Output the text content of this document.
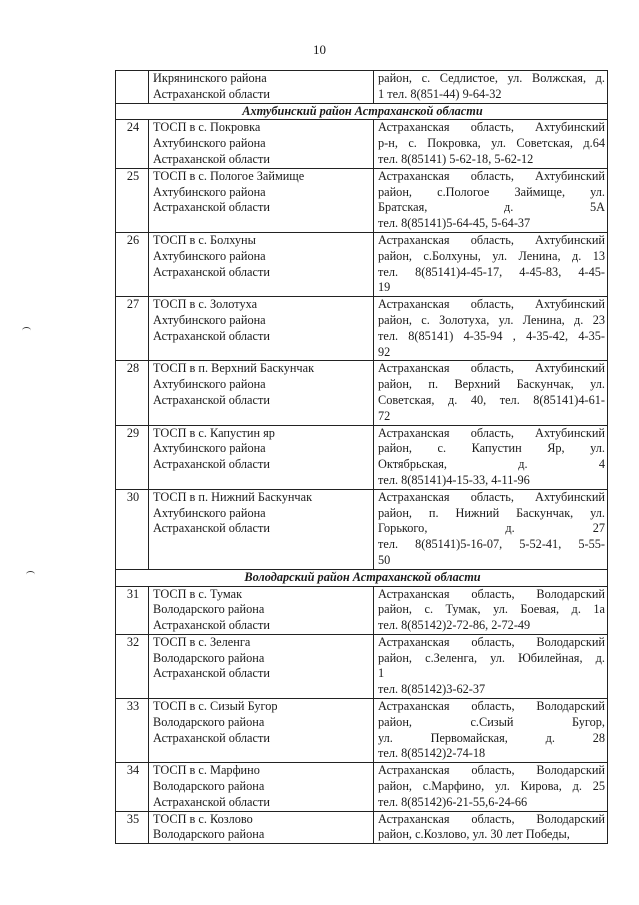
10

	Икрянинского района
Астраханской области	район, с. Седлистое, ул. Волжская, д.
1 тел. 8(851-44) 9-64-32

Ахтубинский район Астраханской области		
24	ТОСП в с. Покровка
Ахтубинского района
Астраханской области	Астраханская область, Ахтубинский
р-н, с. Покровка, ул. Советская, д.64
тел. 8(85141) 5-62-18, 5-62-12

25	ТОСП в с. Пологое Займище
Ахтубинского района
Астраханской области	Астраханская область, Ахтубинский
район, с.Пологое Займище, ул.
Братская, д. 5А
тел. 8(85141)5-64-45, 5-64-37

26	ТОСП в с. Болхуны
Ахтубинского района
Астраханской области	Астраханская область, Ахтубинский
район, с.Болхуны, ул. Ленина, д. 13
тел. 8(85141)4-45-17, 4-45-83, 4-45-
19

27	ТОСП в с. Золотуха
Ахтубинского района
Астраханской области	Астраханская область, Ахтубинский
район, с. Золотуха, ул. Ленина, д. 23
тел. 8(85141) 4-35-94 , 4-35-42, 4-35-
92

28	ТОСП в п. Верхний Баскунчак
Ахтубинского района
Астраханской области	Астраханская область, Ахтубинский
район, п. Верхний Баскунчак, ул.
Советская, д. 40, тел. 8(85141)4-61-
72

29	ТОСП в с. Капустин яр
Ахтубинского района
Астраханской области	Астраханская область, Ахтубинский
район, с. Капустин Яр, ул.
Октябрьская, д. 4
тел. 8(85141)4-15-33, 4-11-96

30	ТОСП в п. Нижний Баскунчак
Ахтубинского района
Астраханской области	Астраханская область, Ахтубинский
район, п. Нижний Баскунчак, ул.
Горького, д. 27
тел. 8(85141)5-16-07, 5-52-41, 5-55-
50

Володарский район Астраханской области		
31	ТОСП в с. Тумак
Володарского района
Астраханской области	Астраханская область, Володарский
район, с. Тумак, ул. Боевая, д. 1а
тел. 8(85142)2-72-86, 2-72-49

32	ТОСП в с. Зеленга
Володарского района
Астраханской области	Астраханская область, Володарский
район, с.Зеленга, ул. Юбилейная, д.
1
тел. 8(85142)3-62-37

33	ТОСП в с. Сизый Бугор
Володарского района
Астраханской области	Астраханская область, Володарский
район, с.Сизый Бугор,
ул. Первомайская, д. 28
тел. 8(85142)2-74-18

34	ТОСП в с. Марфино
Володарского района
Астраханской области	Астраханская область, Володарский
район, с.Марфино, ул. Кирова, д. 25
тел. 8(85142)6-21-55,6-24-66

35	ТОСП в с. Козлово
Володарского района	Астраханская область, Володарский
район, с.Козлово, ул. 30 лет Победы,
